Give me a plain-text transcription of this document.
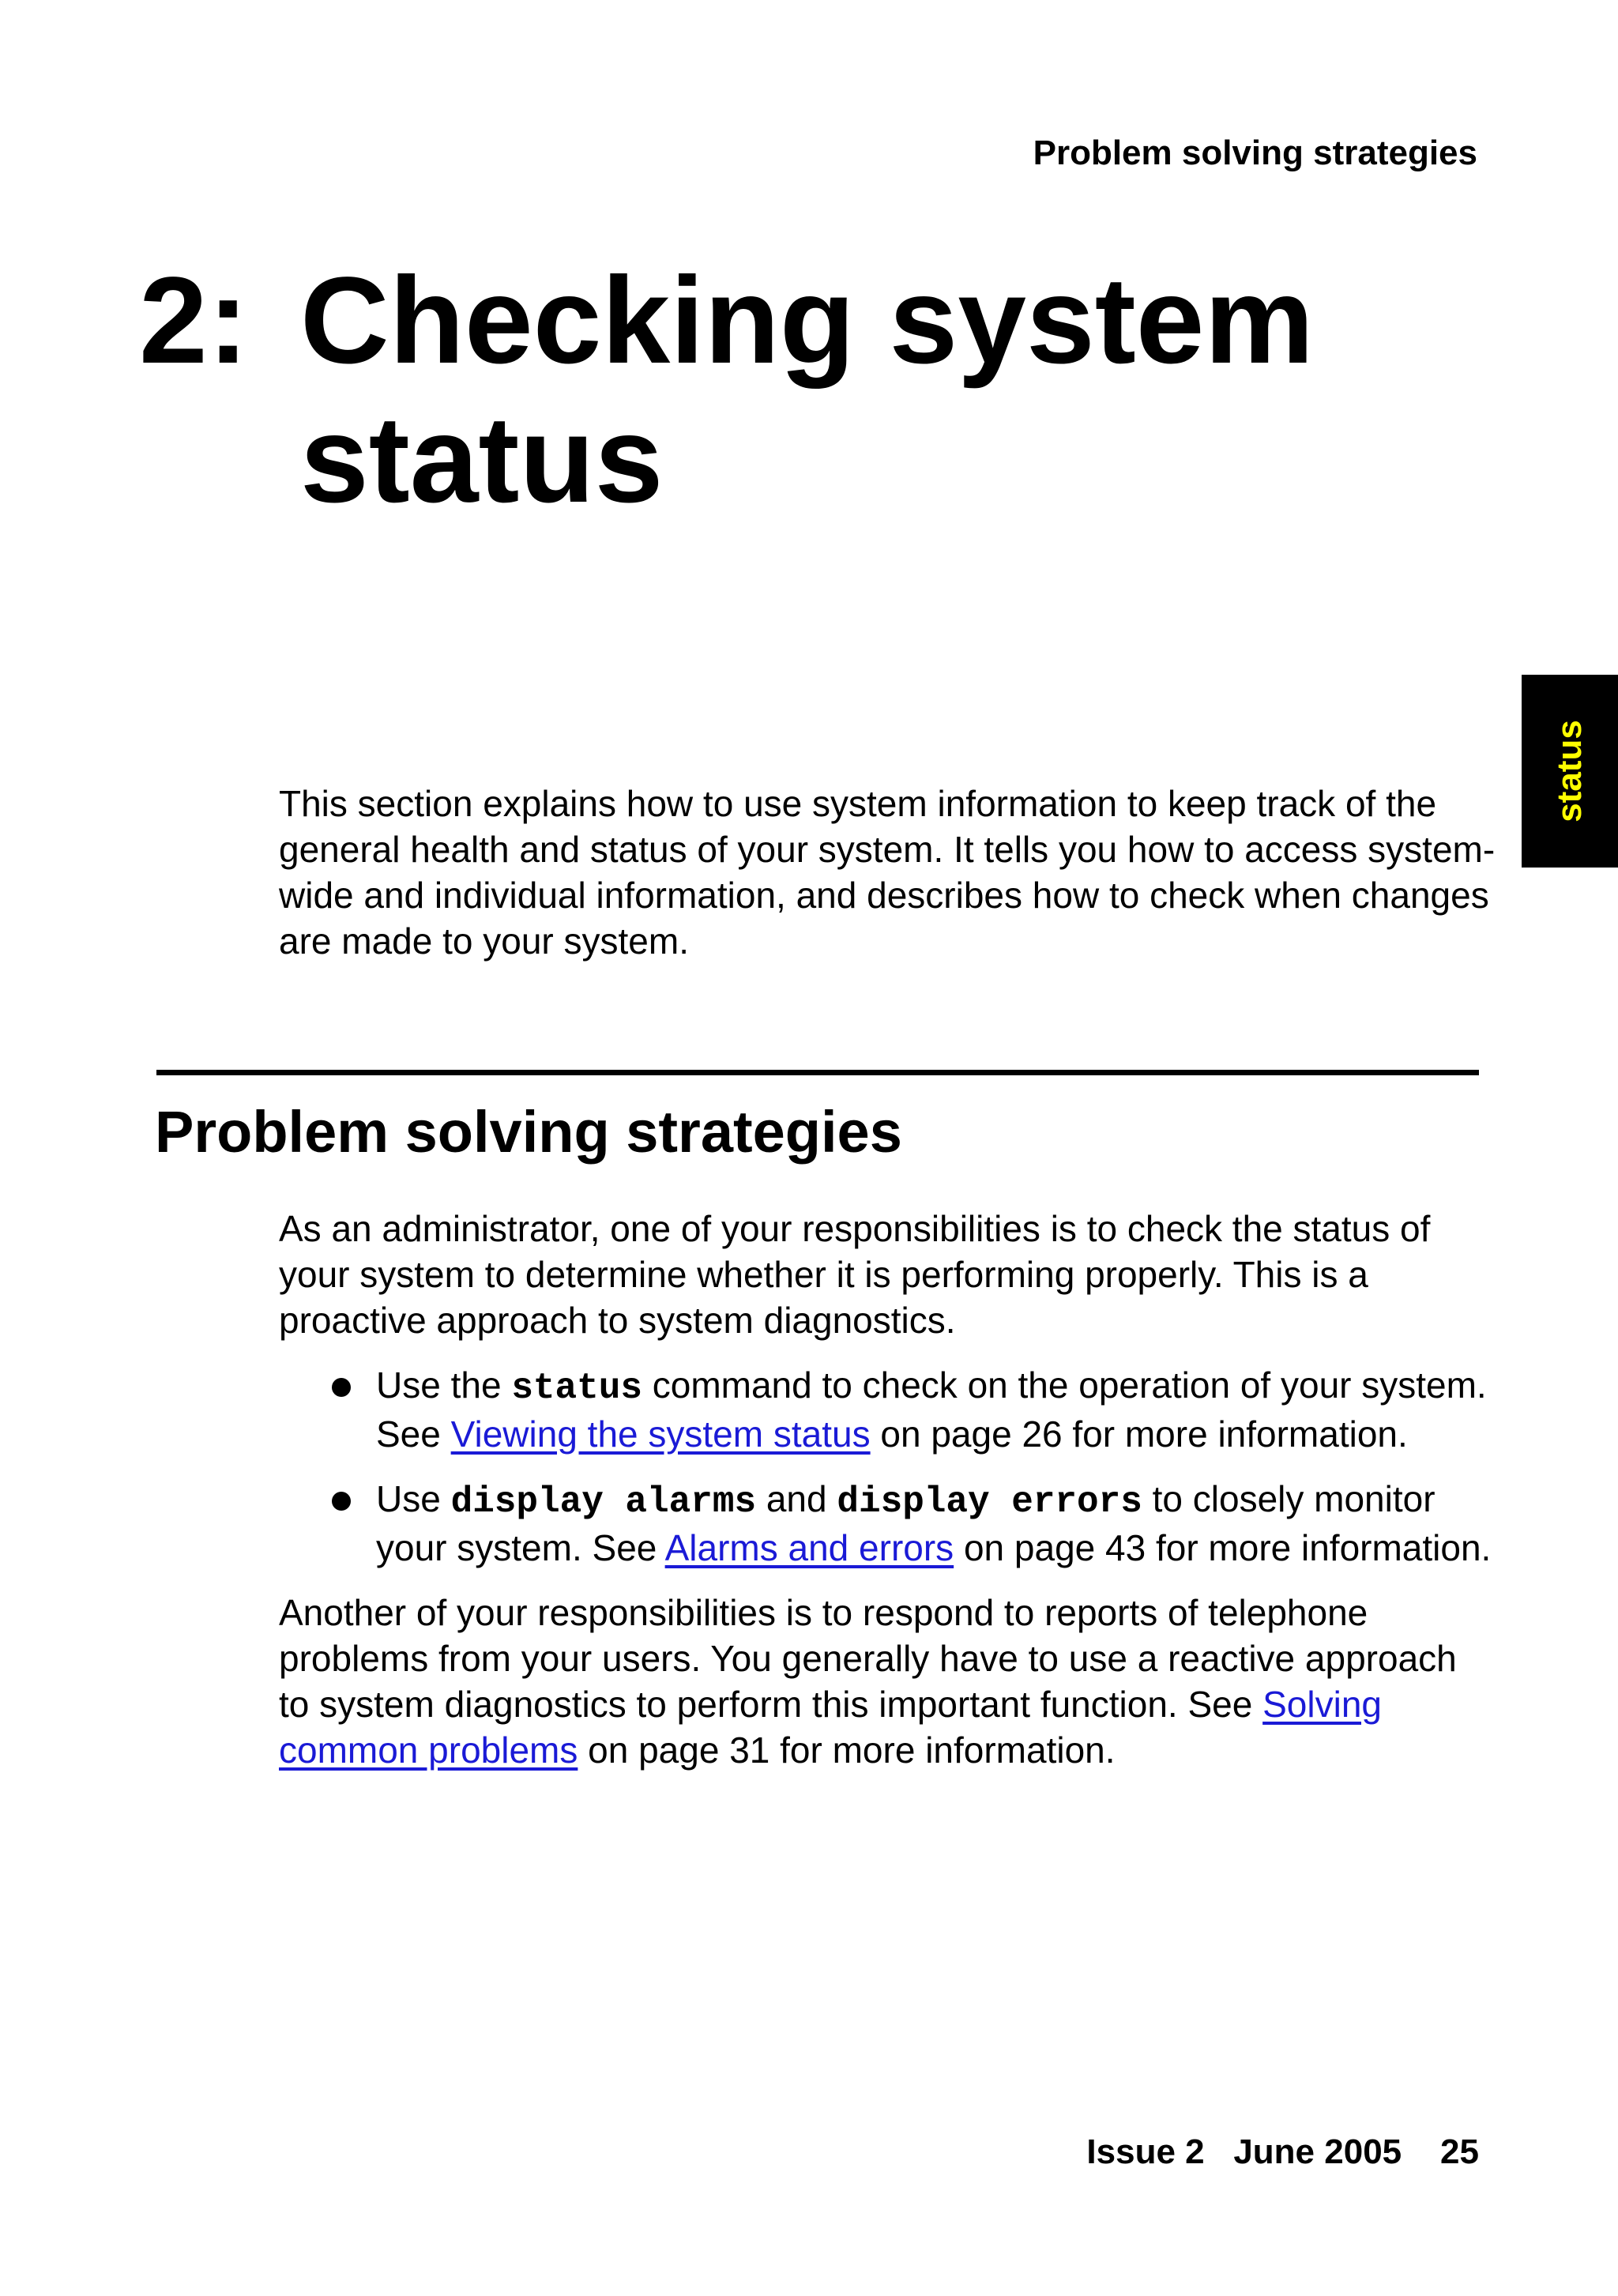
Problem solving strategies
2: Checking system status
status

This section explains how to use system information to keep track of the general health and status of your system. It tells you how to access system-wide and individual information, and describes how to check when changes are made to your system.

Problem solving strategies

As an administrator, one of your responsibilities is to check the status of your system to determine whether it is performing properly. This is a proactive approach to system diagnostics.

Use the status command to check on the operation of your system. See Viewing the system status on page 26 for more information.
Use display alarms and display errors to closely monitor your system. See Alarms and errors on page 43 for more information.

Another of your responsibilities is to respond to reports of telephone problems from your users. You generally have to use a reactive approach to system diagnostics to perform this important function. See Solving common problems on page 31 for more information.

Issue 2 June 2005 25
